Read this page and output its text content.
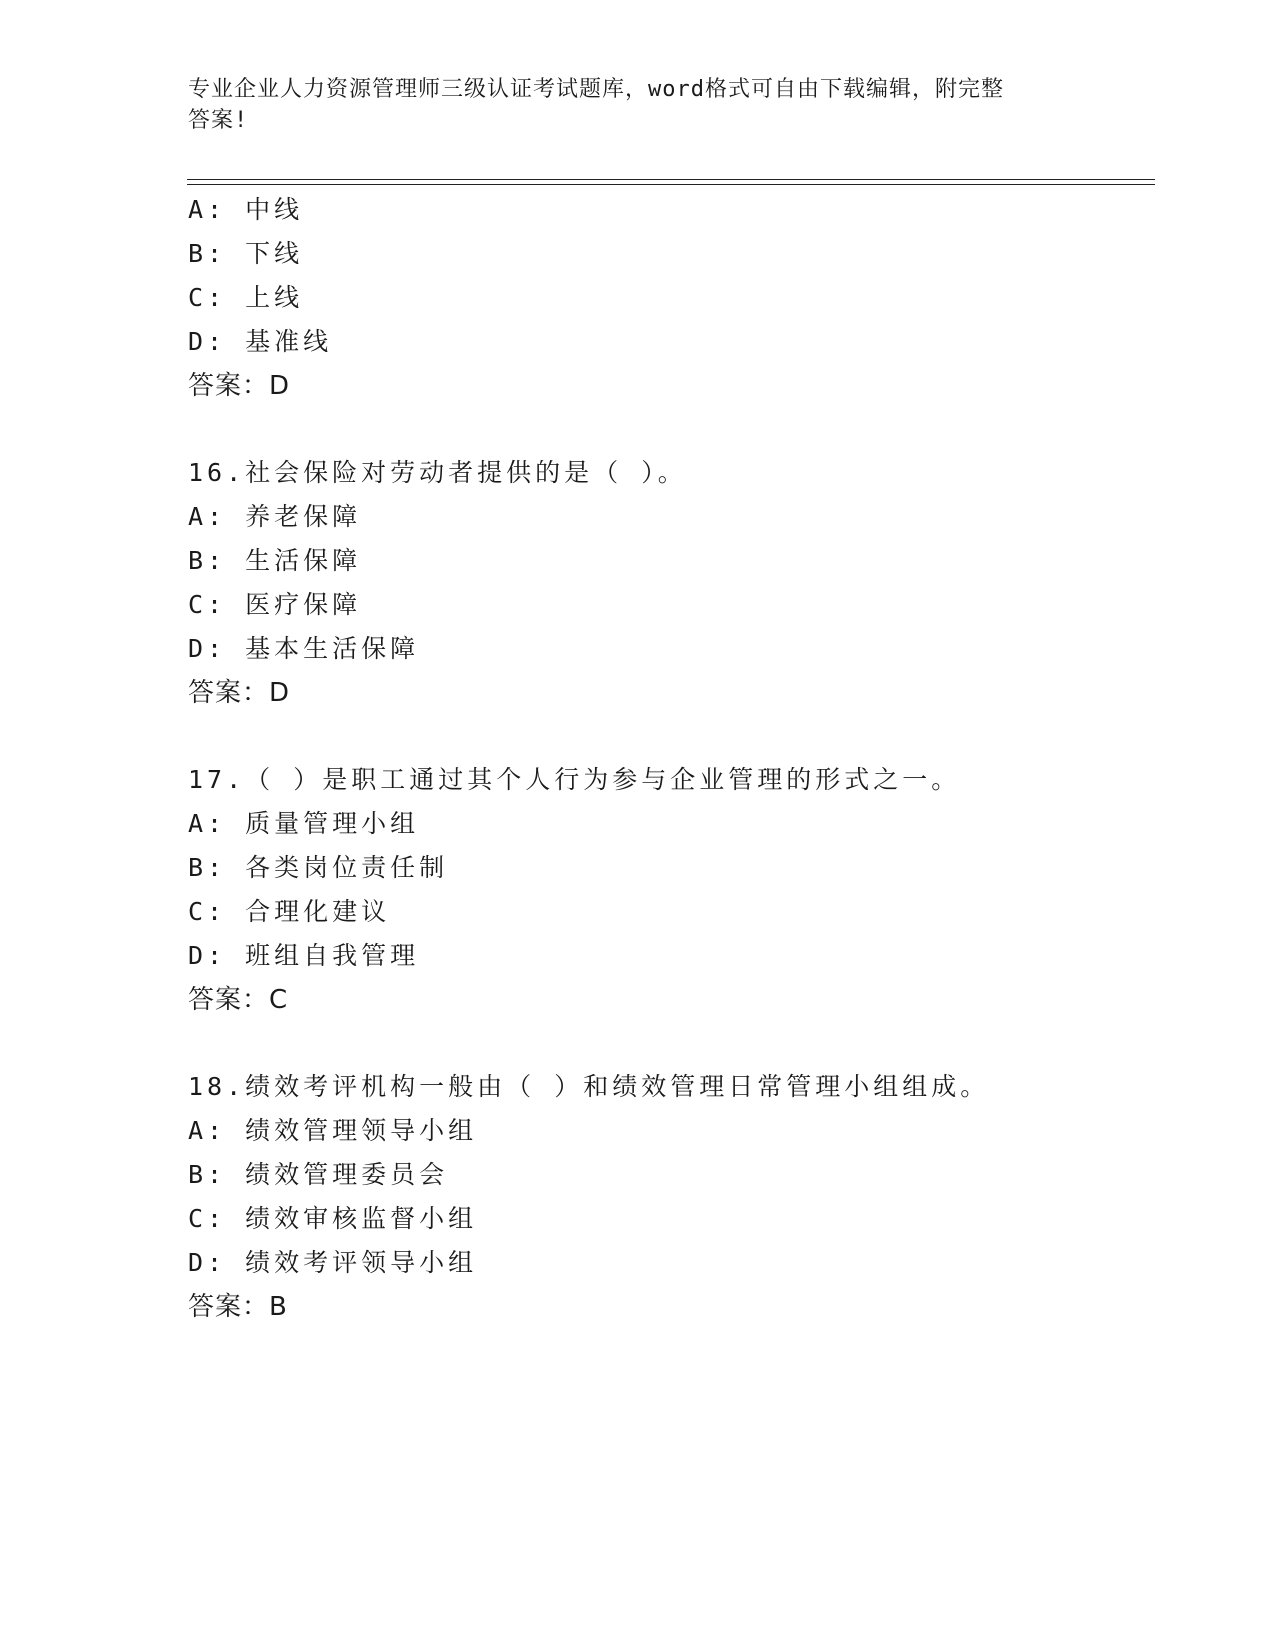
专业企业人力资源管理师三级认证考试题库，word格式可自由下载编辑，附完整
答案!
A: 中线
B: 下线
C: 上线
D: 基准线
答案：D
16.社会保险对劳动者提供的是（ ）。
A: 养老保障
B: 生活保障
C: 医疗保障
D: 基本生活保障
答案：D
17.（ ）是职工通过其个人行为参与企业管理的形式之一。
A: 质量管理小组
B: 各类岗位责任制
C: 合理化建议
D: 班组自我管理
答案：C
18.绩效考评机构一般由（ ）和绩效管理日常管理小组组成。
A: 绩效管理领导小组
B: 绩效管理委员会
C: 绩效审核监督小组
D: 绩效考评领导小组
答案：B
